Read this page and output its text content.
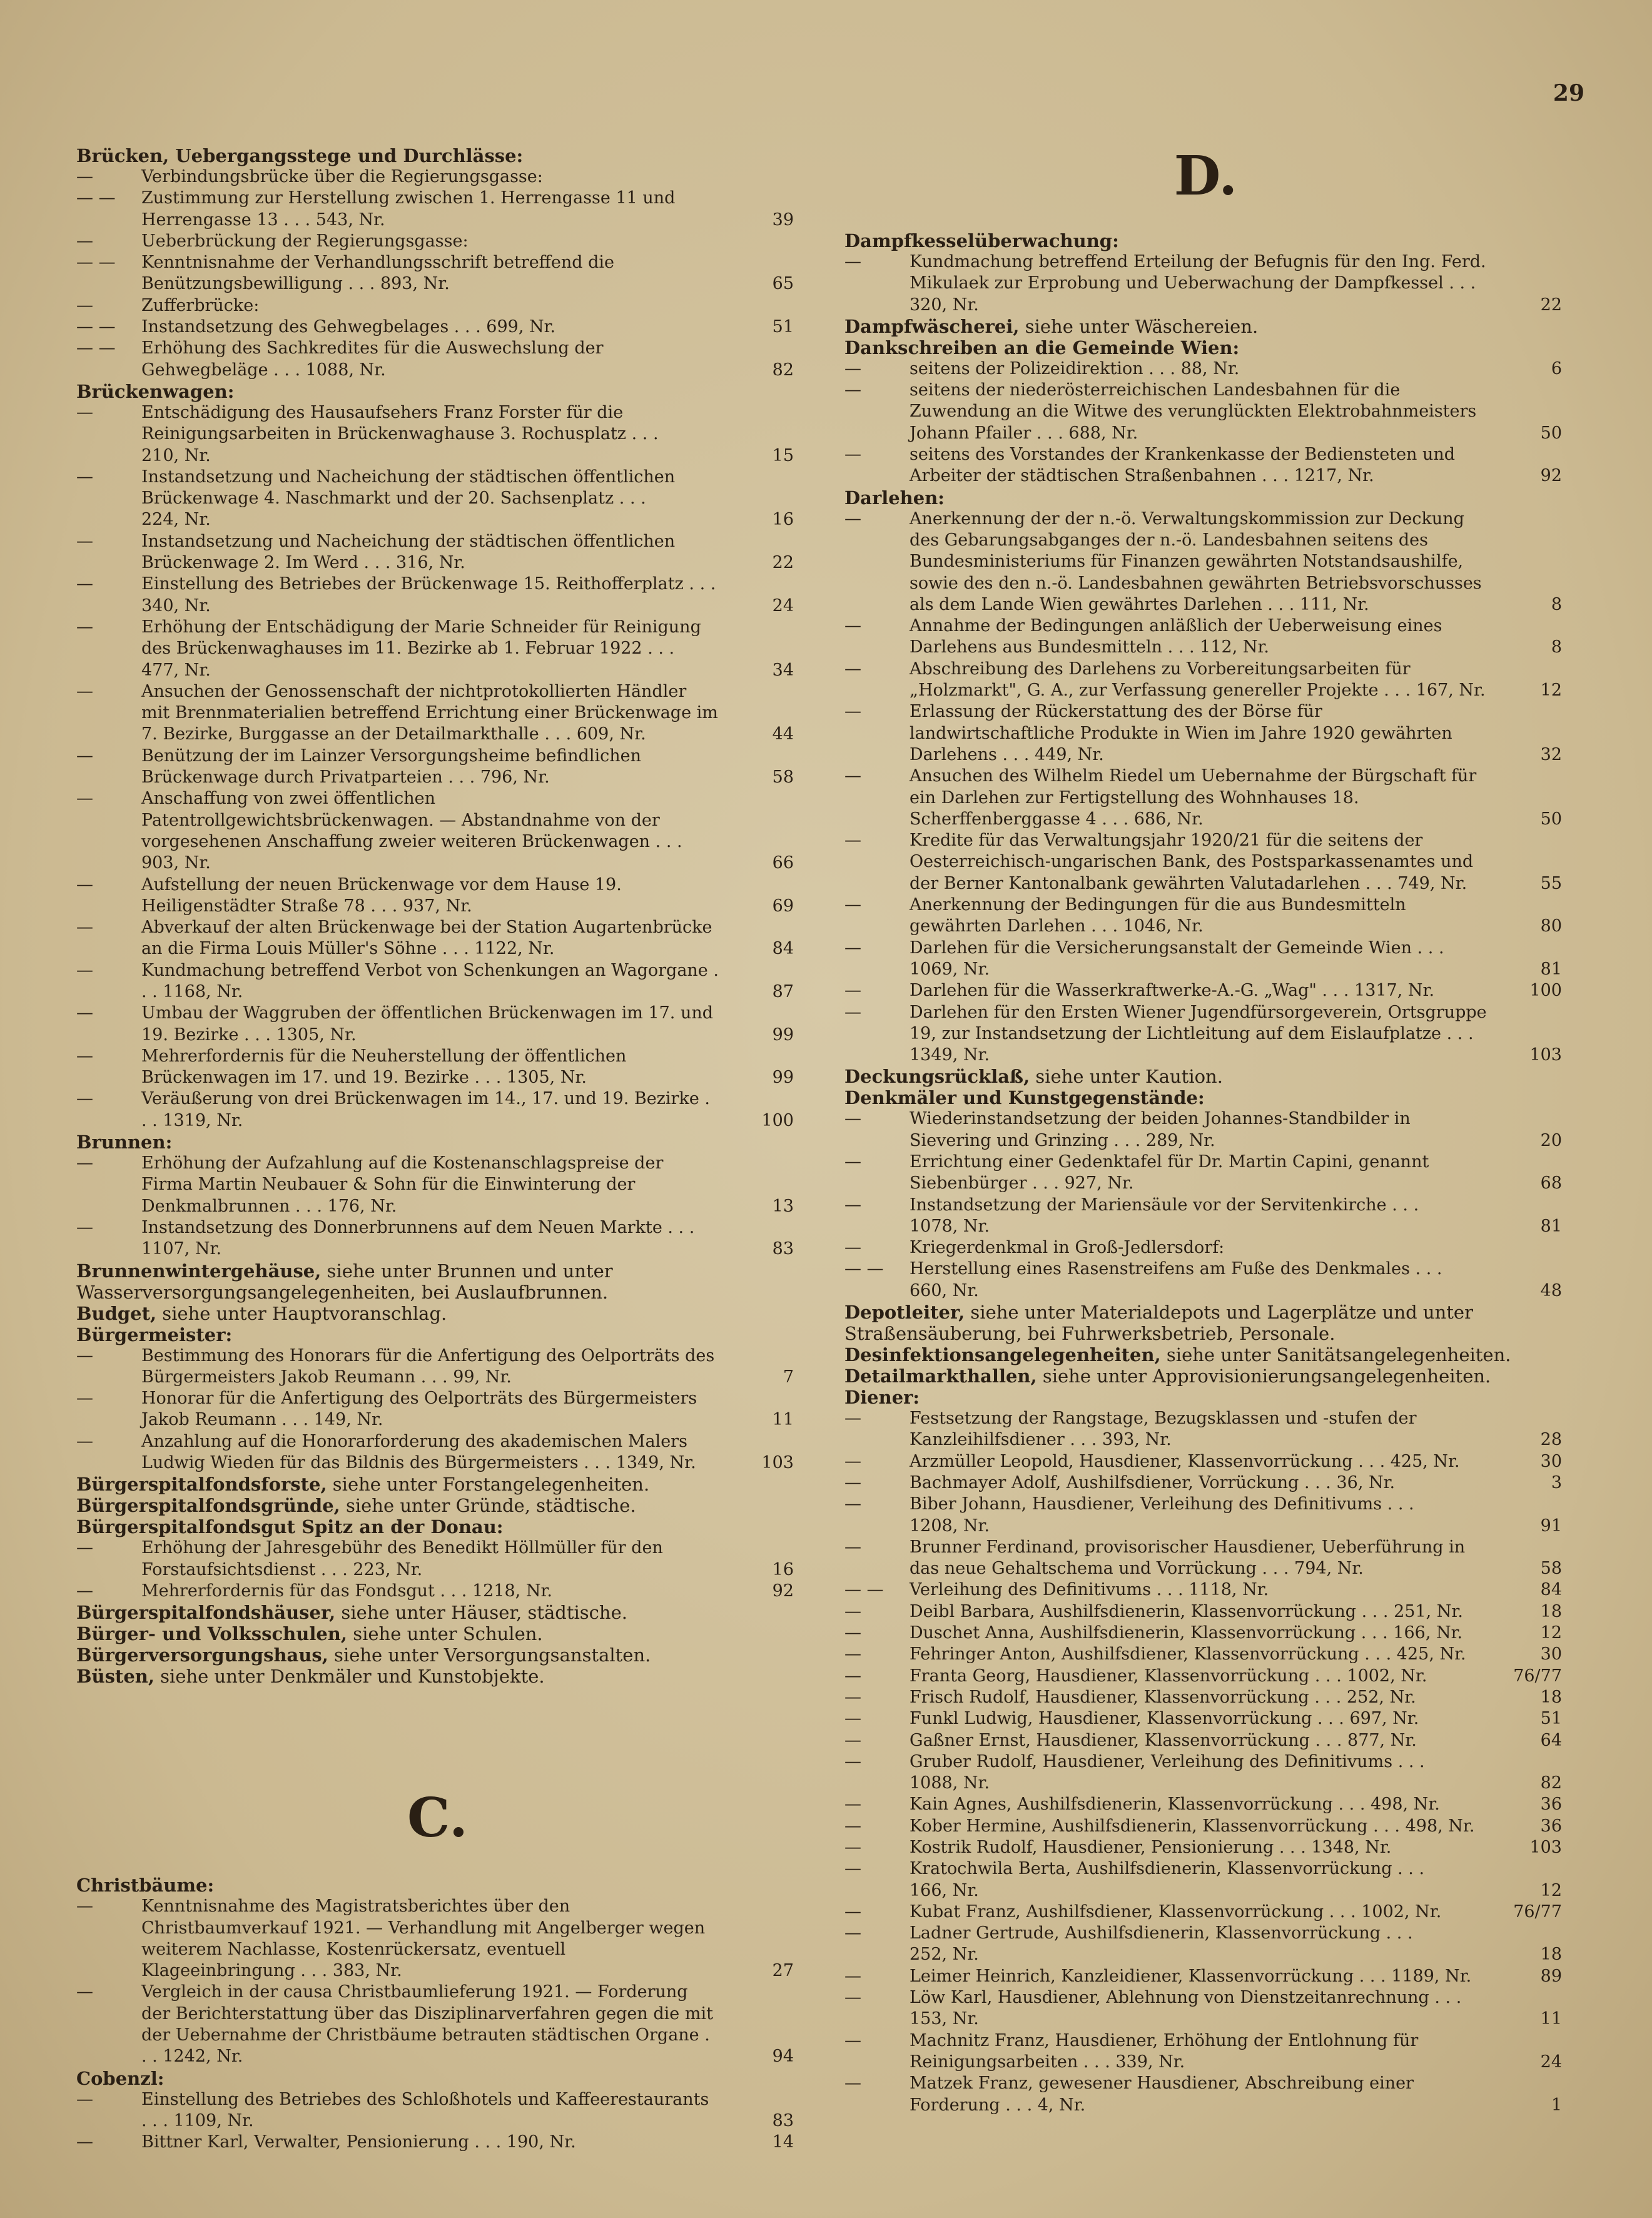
29

Brücken, Uebergangsstege und Durchlässe:

—	Verbindungsbrücke über die Regierungsgasse:

— — Zustimmung zur Herstellung zwischen 1. Herrengasse 11 und Herrengasse 13 . . . 543, Nr.	39

—	Ueberbrückung der Regierungsgasse:

— — Kenntnisnahme der Verhandlungsschrift betreffend die Benützungsbewilligung . . . 893, Nr.	65

—	Zufferbrücke:

— — Instandsetzung des Gehwegbelages . . . 699, Nr.	51

— — Erhöhung des Sachkredites für die Auswechslung der Gehwegbeläge . . . 1088, Nr.	82

Brückenwagen:

—	Entschädigung des Hausaufsehers Franz Forster für die Reinigungsarbeiten in Brückenwaghause 3. Rochusplatz . . . 210, Nr.	15

—	Instandsetzung und Nacheichung der städtischen öffentlichen Brückenwage 4. Naschmarkt und der 20. Sachsenplatz . . . 224, Nr.	16

—	Instandsetzung und Nacheichung der städtischen öffentlichen Brückenwage 2. Im Werd . . . 316, Nr.	22

—	Einstellung des Betriebes der Brückenwage 15. Reithofferplatz . . . 340, Nr.	24

—	Erhöhung der Entschädigung der Marie Schneider für Reinigung des Brückenwaghauses im 11. Bezirke ab 1. Februar 1922 . . . 477, Nr.	34

—	Ansuchen der Genossenschaft der nichtprotokollierten Händler mit Brennmaterialien betreffend Errichtung einer Brückenwage im 7. Bezirke, Burggasse an der Detailmarkthalle . . . 609, Nr.	44

—	Benützung der im Lainzer Versorgungsheime befindlichen Brückenwage durch Privatparteien . . . 796, Nr.	58

—	Anschaffung von zwei öffentlichen Patentrollgewichtsbrückenwagen. — Abstandnahme von der vorgesehenen Anschaffung zweier weiteren Brückenwagen . . . 903, Nr.	66

—	Aufstellung der neuen Brückenwage vor dem Hause 19. Heiligenstädter Straße 78 . . . 937, Nr.	69

—	Abverkauf der alten Brückenwage bei der Station Augartenbrücke an die Firma Louis Müller's Söhne . . . 1122, Nr.	84

—	Kundmachung betreffend Verbot von Schenkungen an Wagorgane . . . 1168, Nr.	87

—	Umbau der Waggruben der öffentlichen Brückenwagen im 17. und 19. Bezirke . . . 1305, Nr.	99

—	Mehrerfordernis für die Neuherstellung der öffentlichen Brückenwagen im 17. und 19. Bezirke . . . 1305, Nr.	99

—	Veräußerung von drei Brückenwagen im 14., 17. und 19. Bezirke . . . 1319, Nr.	100

Brunnen:

—	Erhöhung der Aufzahlung auf die Kostenanschlagspreise der Firma Martin Neubauer & Sohn für die Einwinterung der Denkmalbrunnen . . . 176, Nr.	13

—	Instandsetzung des Donnerbrunnens auf dem Neuen Markte . . . 1107, Nr.	83

Brunnenwintergehäuse, siehe unter Brunnen und unter Wasserversorgungsangelegenheiten, bei Auslaufbrunnen.

Budget, siehe unter Hauptvoranschlag.

Bürgermeister:

—	Bestimmung des Honorars für die Anfertigung des Oelporträts des Bürgermeisters Jakob Reumann . . . 99, Nr.	7

—	Honorar für die Anfertigung des Oelporträts des Bürgermeisters Jakob Reumann . . . 149, Nr.	11

—	Anzahlung auf die Honorarforderung des akademischen Malers Ludwig Wieden für das Bildnis des Bürgermeisters . . . 1349, Nr.	103

Bürgerspitalfondsforste, siehe unter Forstangelegenheiten.

Bürgerspitalfondsgründe, siehe unter Gründe, städtische.

Bürgerspitalfondsgut Spitz an der Donau:

—	Erhöhung der Jahresgebühr des Benedikt Höllmüller für den Forstaufsichtsdienst . . . 223, Nr.	16

—	Mehrerfordernis für das Fondsgut . . . 1218, Nr.	92

Bürgerspitalfondshäuser, siehe unter Häuser, städtische.

Bürger- und Volksschulen, siehe unter Schulen.

Bürgerversorgungshaus, siehe unter Versorgungsanstalten.

Büsten, siehe unter Denkmäler und Kunstobjekte.

C.

Christbäume:

—	Kenntnisnahme des Magistratsberichtes über den Christbaumverkauf 1921. — Verhandlung mit Angelberger wegen weiterem Nachlasse, Kostenrückersatz, eventuell Klageeinbringung . . . 383, Nr.	27

—	Vergleich in der causa Christbaumlieferung 1921. — Forderung der Berichterstattung über das Disziplinarverfahren gegen die mit der Uebernahme der Christbäume betrauten städtischen Organe . . . 1242, Nr.	94

Cobenzl:

—	Einstellung des Betriebes des Schloßhotels und Kaffeerestaurants . . . 1109, Nr.	83

—	Bittner Karl, Verwalter, Pensionierung . . . 190, Nr.	14

D.

Dampfkesselüberwachung:

—	Kundmachung betreffend Erteilung der Befugnis für den Ing. Ferd. Mikulaek zur Erprobung und Ueberwachung der Dampfkessel . . . 320, Nr.	22

Dampfwäscherei, siehe unter Wäschereien.

Dankschreiben an die Gemeinde Wien:

—	seitens der Polizeidirektion . . . 88, Nr.	6

—	seitens der niederösterreichischen Landesbahnen für die Zuwendung an die Witwe des verunglückten Elektrobahnmeisters Johann Pfailer . . . 688, Nr.	50

—	seitens des Vorstandes der Krankenkasse der Bediensteten und Arbeiter der städtischen Straßenbahnen . . . 1217, Nr.	92

Darlehen:

—	Anerkennung der der n.-ö. Verwaltungskommission zur Deckung des Gebarungsabganges der n.-ö. Landesbahnen seitens des Bundesministeriums für Finanzen gewährten Notstandsaushilfe, sowie des den n.-ö. Landesbahnen gewährten Betriebsvorschusses als dem Lande Wien gewährtes Darlehen . . . 111, Nr.	8

—	Annahme der Bedingungen anläßlich der Ueberweisung eines Darlehens aus Bundesmitteln . . . 112, Nr.	8

—	Abschreibung des Darlehens zu Vorbereitungsarbeiten für „Holzmarkt", G. A., zur Verfassung genereller Projekte . . . 167, Nr.	12

—	Erlassung der Rückerstattung des der Börse für landwirtschaftliche Produkte in Wien im Jahre 1920 gewährten Darlehens . . . 449, Nr.	32

—	Ansuchen des Wilhelm Riedel um Uebernahme der Bürgschaft für ein Darlehen zur Fertigstellung des Wohnhauses 18. Scherffenberggasse 4 . . . 686, Nr.	50

—	Kredite für das Verwaltungsjahr 1920/21 für die seitens der Oesterreichisch-ungarischen Bank, des Postsparkassenamtes und der Berner Kantonalbank gewährten Valutadarlehen . . . 749, Nr.	55

—	Anerkennung der Bedingungen für die aus Bundesmitteln gewährten Darlehen . . . 1046, Nr.	80

—	Darlehen für die Versicherungsanstalt der Gemeinde Wien . . . 1069, Nr.	81

—	Darlehen für die Wasserkraftwerke-A.-G. „Wag" . . . 1317, Nr.	100

—	Darlehen für den Ersten Wiener Jugendfürsorgeverein, Ortsgruppe 19, zur Instandsetzung der Lichtleitung auf dem Eislaufplatze . . . 1349, Nr.	103

Deckungsrücklaß, siehe unter Kaution.

Denkmäler und Kunstgegenstände:

—	Wiederinstandsetzung der beiden Johannes-Standbilder in Sievering und Grinzing . . . 289, Nr.	20

—	Errichtung einer Gedenktafel für Dr. Martin Capini, genannt Siebenbürger . . . 927, Nr.	68

—	Instandsetzung der Mariensäule vor der Servitenkirche . . . 1078, Nr.	81

—	Kriegerdenkmal in Groß-Jedlersdorf:

— — Herstellung eines Rasenstreifens am Fuße des Denkmales . . . 660, Nr.	48

Depotleiter, siehe unter Materialdepots und Lagerplätze und unter Straßensäuberung, bei Fuhrwerksbetrieb, Personale.

Desinfektionsangelegenheiten, siehe unter Sanitätsangelegenheiten.

Detailmarkthallen, siehe unter Approvisionierungsangelegenheiten.

Diener:

—	Festsetzung der Rangstage, Bezugsklassen und -stufen der Kanzleihilfsdiener . . . 393, Nr.	28

—	Arzmüller Leopold, Hausdiener, Klassenvorrückung . . . 425, Nr.	30

—	Bachmayer Adolf, Aushilfsdiener, Vorrückung . . . 36, Nr.	3

—	Biber Johann, Hausdiener, Verleihung des Definitivums . . . 1208, Nr.	91

—	Brunner Ferdinand, provisorischer Hausdiener, Ueberführung in das neue Gehaltschema und Vorrückung . . . 794, Nr.	58

— — Verleihung des Definitivums . . . 1118, Nr.	84

—	Deibl Barbara, Aushilfsdienerin, Klassenvorrückung . . . 251, Nr.	18

—	Duschet Anna, Aushilfsdienerin, Klassenvorrückung . . . 166, Nr.	12

—	Fehringer Anton, Aushilfsdiener, Klassenvorrückung . . . 425, Nr.	30

—	Franta Georg, Hausdiener, Klassenvorrückung . . . 1002, Nr.	76/77

—	Frisch Rudolf, Hausdiener, Klassenvorrückung . . . 252, Nr.	18

—	Funkl Ludwig, Hausdiener, Klassenvorrückung . . . 697, Nr.	51

—	Gaßner Ernst, Hausdiener, Klassenvorrückung . . . 877, Nr.	64

—	Gruber Rudolf, Hausdiener, Verleihung des Definitivums . . . 1088, Nr.	82

—	Kain Agnes, Aushilfsdienerin, Klassenvorrückung . . . 498, Nr.	36

—	Kober Hermine, Aushilfsdienerin, Klassenvorrückung . . . 498, Nr.	36

—	Kostrik Rudolf, Hausdiener, Pensionierung . . . 1348, Nr.	103

—	Kratochwila Berta, Aushilfsdienerin, Klassenvorrückung . . . 166, Nr.	12

—	Kubat Franz, Aushilfsdiener, Klassenvorrückung . . . 1002, Nr.	76/77

—	Ladner Gertrude, Aushilfsdienerin, Klassenvorrückung . . . 252, Nr.	18

—	Leimer Heinrich, Kanzleidiener, Klassenvorrückung . . . 1189, Nr.	89

—	Löw Karl, Hausdiener, Ablehnung von Dienstzeitanrechnung . . . 153, Nr.	11

—	Machnitz Franz, Hausdiener, Erhöhung der Entlohnung für Reinigungsarbeiten . . . 339, Nr.	24

—	Matzek Franz, gewesener Hausdiener, Abschreibung einer Forderung . . . 4, Nr.	1
